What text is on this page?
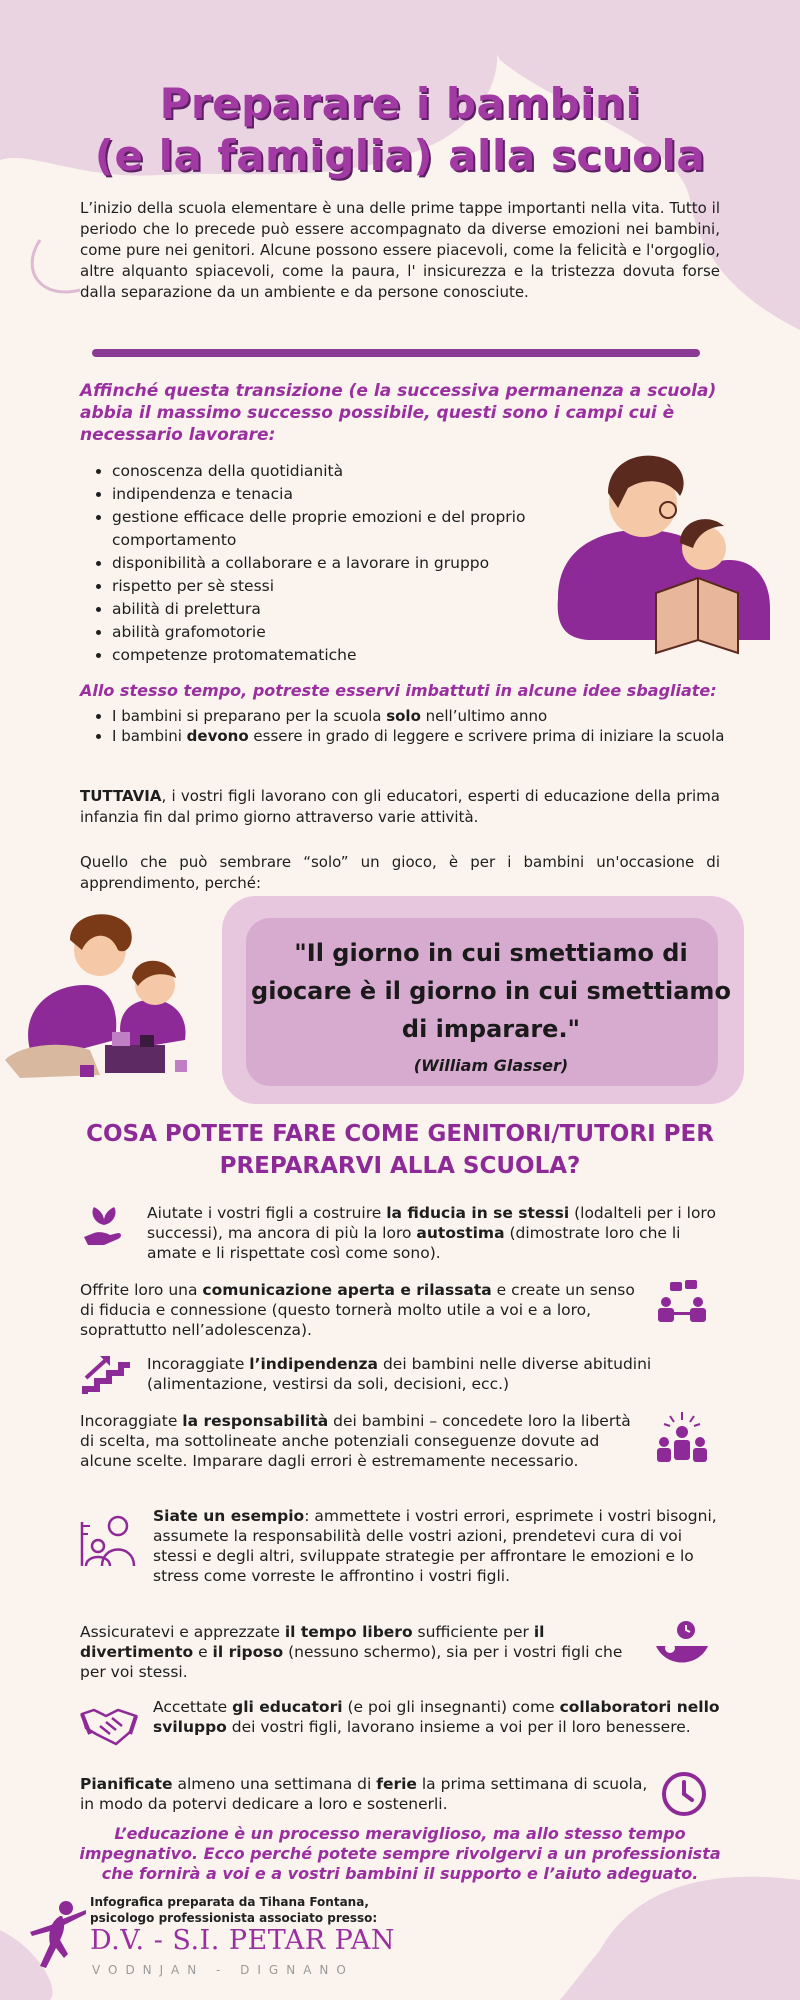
Preparare i bambini
(e la famiglia) alla scuola
L’inizio della scuola elementare è una delle prime tappe importanti nella vita. Tutto il periodo che lo precede può essere accompagnato da diverse emozioni nei bambini, come pure nei genitori. Alcune possono essere piacevoli, come la felicità e l'orgoglio, altre alquanto spiacevoli, come la paura, l' insicurezza e la tristezza dovuta forse dalla separazione da un ambiente e da persone conosciute.
Affinché questa transizione (e la successiva permanenza a scuola) abbia il massimo successo possibile, questi sono i campi cui è necessario lavorare:
• conoscenza della quotidianità
• indipendenza e tenacia
• gestione efficace delle proprie emozioni e del proprio comportamento
• disponibilità a collaborare e a lavorare in gruppo
• rispetto per sè stessi
• abilità di prelettura
• abilità grafomotorie
• competenze protomatematiche
Allo stesso tempo, potreste esservi imbattuti in alcune idee sbagliate:
• I bambini si preparano per la scuola solo nell’ultimo anno
• I bambini devono essere in grado di leggere e scrivere prima di iniziare la scuola
TUTTAVIA, i vostri figli lavorano con gli educatori, esperti di educazione della prima infanzia fin dal primo giorno attraverso varie attività.
Quello che può sembrare “solo” un gioco, è per i bambini un'occasione di apprendimento, perché:
"Il giorno in cui smettiamo di giocare è il giorno in cui smettiamo di imparare."
(William Glasser)
COSA POTETE FARE COME GENITORI/TUTORI PER PREPARARVI ALLA SCUOLA?
Aiutate i vostri figli a costruire la fiducia in se stessi (lodalteli per i loro successi), ma ancora di più la loro autostima (dimostrate loro che li amate e li rispettate così come sono).
Offrite loro una comunicazione aperta e rilassata e create un senso di fiducia e connessione (questo tornerà molto utile a voi e a loro, soprattutto nell’adolescenza).
Incoraggiate l’indipendenza dei bambini nelle diverse abitudini (alimentazione, vestirsi da soli, decisioni, ecc.)
Incoraggiate la responsabilità dei bambini – concedete loro la libertà di scelta, ma sottolineate anche potenziali conseguenze dovute ad alcune scelte. Imparare dagli errori è estremamente necessario.
Siate un esempio: ammettete i vostri errori, esprimete i vostri bisogni, assumete la responsabilità delle vostri azioni, prendetevi cura di voi stessi e degli altri, sviluppate strategie per affrontare le emozioni e lo stress come vorreste le affrontino i vostri figli.
Assicuratevi e apprezzate il tempo libero sufficiente per il divertimento e il riposo (nessuno schermo), sia per i vostri figli che per voi stessi.
Accettate gli educatori (e poi gli insegnanti) come collaboratori nello sviluppo dei vostri figli, lavorano insieme a voi per il loro benessere.
Pianificate almeno una settimana di ferie la prima settimana di scuola, in modo da potervi dedicare a loro e sostenerli.
L’educazione è un processo meraviglioso, ma allo stesso tempo impegnativo. Ecco perché potete sempre rivolgervi a un professionista che fornirà a voi e a vostri bambini il supporto e l’aiuto adeguato.
Infografica preparata da Tihana Fontana,
psicologo professionista associato presso:
D.V. - S.I. PETAR PAN
VODNJAN - DIGNANO
